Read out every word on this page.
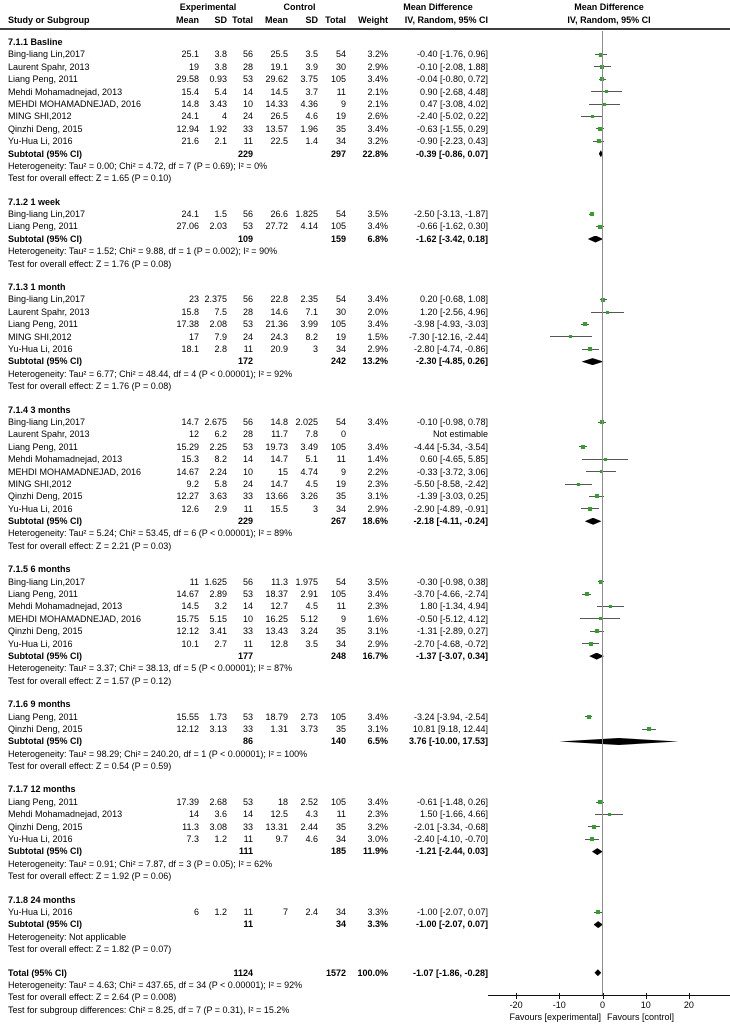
Experimental	Control	Mean Difference	Mean Difference
Study or Subgroup	Mean	SD Total	Mean	SD Total	Weight	IV, Random, 95% CI	IV, Random, 95% CI
7.1.1 Basline
Bing-liang Lin,2017	25.1	3.8	56	25.5	3.5	54	3.2%	-0.40 [-1.76, 0.96]
Laurent Spahr, 2013	19	3.8	28	19.1	3.9	30	2.9%	-0.10 [-2.08, 1.88]
Liang Peng, 2011	29.58	0.93	53	29.62	3.75	105	3.4%	-0.04 [-0.80, 0.72]
Mehdi Mohamadnejad, 2013	15.4	5.4	14	14.5	3.7	11	2.1%	0.90 [-2.68, 4.48]
MEHDI MOHAMADNEJAD, 2016	14.8	3.43	10	14.33	4.36	9	2.1%	0.47 [-3.08, 4.02]
MING SHI,2012	24.1	4	24	26.5	4.6	19	2.6%	-2.40 [-5.02, 0.22]
Qinzhi Deng, 2015	12.94	1.92	33	13.57	1.96	35	3.4%	-0.63 [-1.55, 0.29]
Yu-Hua Li, 2016	21.6	2.1	11	22.5	1.4	34	3.2%	-0.90 [-2.23, 0.43]
Subtotal (95% CI)	229	297	22.8%	-0.39 [-0.86, 0.07]
Heterogeneity: Tau² = 0.00; Chi² = 4.72, df = 7 (P = 0.69); I² = 0%
Test for overall effect: Z = 1.65 (P = 0.10)
7.1.2 1 week
Bing-liang Lin,2017	24.1	1.5	56	26.6 1.825	54	3.5%	-2.50 [-3.13, -1.87]
Liang Peng, 2011	27.06	2.03	53	27.72	4.14	105	3.4%	-0.66 [-1.62, 0.30]
Subtotal (95% CI)	109	159	6.8%	-1.62 [-3.42, 0.18]
Heterogeneity: Tau² = 1.52; Chi² = 9.88, df = 1 (P = 0.002); I² = 90%
Test for overall effect: Z = 1.76 (P = 0.08)
7.1.3 1 month
Bing-liang Lin,2017	23 2.375	56	22.8	2.35	54	3.4%	0.20 [-0.68, 1.08]
Laurent Spahr, 2013	15.8	7.5	28	14.6	7.1	30	2.0%	1.20 [-2.56, 4.96]
Liang Peng, 2011	17.38	2.08	53	21.36	3.99	105	3.4%	-3.98 [-4.93, -3.03]
MING SHI,2012	17	7.9	24	24.3	8.2	19	1.5%	-7.30 [-12.16, -2.44]
Yu-Hua Li, 2016	18.1	2.8	11	20.9	3	34	2.9%	-2.80 [-4.74, -0.86]
Subtotal (95% CI)	172	242	13.2%	-2.30 [-4.85, 0.26]
Heterogeneity: Tau² = 6.77; Chi² = 48.44, df = 4 (P < 0.00001); I² = 92%
Test for overall effect: Z = 1.76 (P = 0.08)
7.1.4 3 months
Bing-liang Lin,2017	14.7 2.675	56	14.8 2.025	54	3.4%	-0.10 [-0.98, 0.78]
Laurent Spahr, 2013	12	6.2	28	11.7	7.8	0	Not estimable
Liang Peng, 2011	15.29	2.25	53	19.73	3.49	105	3.4%	-4.44 [-5.34, -3.54]
Mehdi Mohamadnejad, 2013	15.3	8.2	14	14.7	5.1	11	1.4%	0.60 [-4.65, 5.85]
MEHDI MOHAMADNEJAD, 2016	14.67	2.24	10	15	4.74	9	2.2%	-0.33 [-3.72, 3.06]
MING SHI,2012	9.2	5.8	24	14.7	4.5	19	2.3%	-5.50 [-8.58, -2.42]
Qinzhi Deng, 2015	12.27	3.63	33	13.66	3.26	35	3.1%	-1.39 [-3.03, 0.25]
Yu-Hua Li, 2016	12.6	2.9	11	15.5	3	34	2.9%	-2.90 [-4.89, -0.91]
Subtotal (95% CI)	229	267	18.6%	-2.18 [-4.11, -0.24]
Heterogeneity: Tau² = 5.24; Chi² = 53.45, df = 6 (P < 0.00001); I² = 89%
Test for overall effect: Z = 2.21 (P = 0.03)
7.1.5 6 months
Bing-liang Lin,2017	11 1.625	56	11.3 1.975	54	3.5%	-0.30 [-0.98, 0.38]
Liang Peng, 2011	14.67	2.89	53	18.37	2.91	105	3.4%	-3.70 [-4.66, -2.74]
Mehdi Mohamadnejad, 2013	14.5	3.2	14	12.7	4.5	11	2.3%	1.80 [-1.34, 4.94]
MEHDI MOHAMADNEJAD, 2016	15.75	5.15	10	16.25	5.12	9	1.6%	-0.50 [-5.12, 4.12]
Qinzhi Deng, 2015	12.12	3.41	33	13.43	3.24	35	3.1%	-1.31 [-2.89, 0.27]
Yu-Hua Li, 2016	10.1	2.7	11	12.8	3.5	34	2.9%	-2.70 [-4.68, -0.72]
Subtotal (95% CI)	177	248	16.7%	-1.37 [-3.07, 0.34]
Heterogeneity: Tau² = 3.37; Chi² = 38.13, df = 5 (P < 0.00001); I² = 87%
Test for overall effect: Z = 1.57 (P = 0.12)
7.1.6 9 months
Liang Peng, 2011	15.55	1.73	53	18.79	2.73	105	3.4%	-3.24 [-3.94, -2.54]
Qinzhi Deng, 2015	12.12	3.13	33	1.31	3.73	35	3.1%	10.81 [9.18, 12.44]
Subtotal (95% CI)	86	140	6.5%	3.76 [-10.00, 17.53]
Heterogeneity: Tau² = 98.29; Chi² = 240.20, df = 1 (P < 0.00001); I² = 100%
Test for overall effect: Z = 0.54 (P = 0.59)
7.1.7 12 months
Liang Peng, 2011	17.39	2.68	53	18	2.52	105	3.4%	-0.61 [-1.48, 0.26]
Mehdi Mohamadnejad, 2013	14	3.6	14	12.5	4.3	11	2.3%	1.50 [-1.66, 4.66]
Qinzhi Deng, 2015	11.3	3.08	33	13.31	2.44	35	3.2%	-2.01 [-3.34, -0.68]
Yu-Hua Li, 2016	7.3	1.2	11	9.7	4.6	34	3.0%	-2.40 [-4.10, -0.70]
Subtotal (95% CI)	111	185	11.9%	-1.21 [-2.44, 0.03]
Heterogeneity: Tau² = 0.91; Chi² = 7.87, df = 3 (P = 0.05); I² = 62%
Test for overall effect: Z = 1.92 (P = 0.06)
7.1.8 24 months
Yu-Hua Li, 2016	6	1.2	11	7	2.4	34	3.3%	-1.00 [-2.07, 0.07]
Subtotal (95% CI)	11	34	3.3%	-1.00 [-2.07, 0.07]
Heterogeneity: Not applicable
Test for overall effect: Z = 1.82 (P = 0.07)
Total (95% CI)	1124	1572	100.0%	-1.07 [-1.86, -0.28]
Heterogeneity: Tau² = 4.63; Chi² = 437.65, df = 34 (P < 0.00001); I² = 92%
Test for overall effect: Z = 2.64 (P = 0.008)
Test for subgroup differences: Chi² = 8.25, df = 7 (P = 0.31), I² = 15.2%	-20	-10	0	10	20
Favours [experimental] Favours [control]
